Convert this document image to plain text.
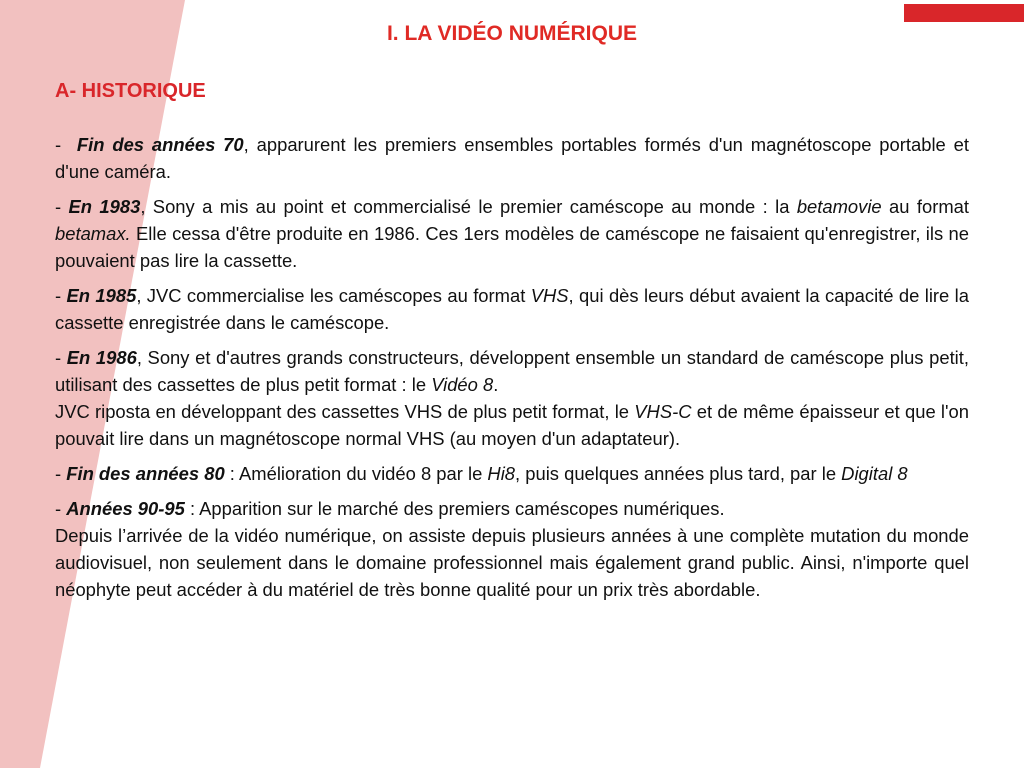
I. LA VIDÉO NUMÉRIQUE
A- HISTORIQUE

- Fin des années 70, apparurent les premiers ensembles portables formés d'un magnétoscope portable et d'une caméra.

- En 1983, Sony a mis au point et commercialisé le premier caméscope au monde : la betamovie au format betamax. Elle cessa d'être produite en 1986. Ces 1ers modèles de caméscope ne faisaient qu'enregistrer, ils ne pouvaient pas lire la cassette.

- En 1985, JVC commercialise les caméscopes au format VHS, qui dès leurs début avaient la capacité de lire la cassette enregistrée dans le caméscope.

- En 1986, Sony et d'autres grands constructeurs, développent ensemble un standard de caméscope plus petit, utilisant des cassettes de plus petit format : le Vidéo 8.

JVC riposta en développant des cassettes VHS de plus petit format, le VHS-C et de même épaisseur et que l'on pouvait lire dans un magnétoscope normal VHS (au moyen d'un adaptateur).

- Fin des années 80 : Amélioration du vidéo 8 par le Hi8, puis quelques années plus tard, par le Digital 8

- Années 90-95 : Apparition sur le marché des premiers caméscopes numériques.

Depuis l’arrivée de la vidéo numérique, on assiste depuis plusieurs années à une complète mutation du monde audiovisuel, non seulement dans le domaine professionnel mais également grand public. Ainsi, n'importe quel néophyte peut accéder à du matériel de très bonne qualité pour un prix très abordable.
